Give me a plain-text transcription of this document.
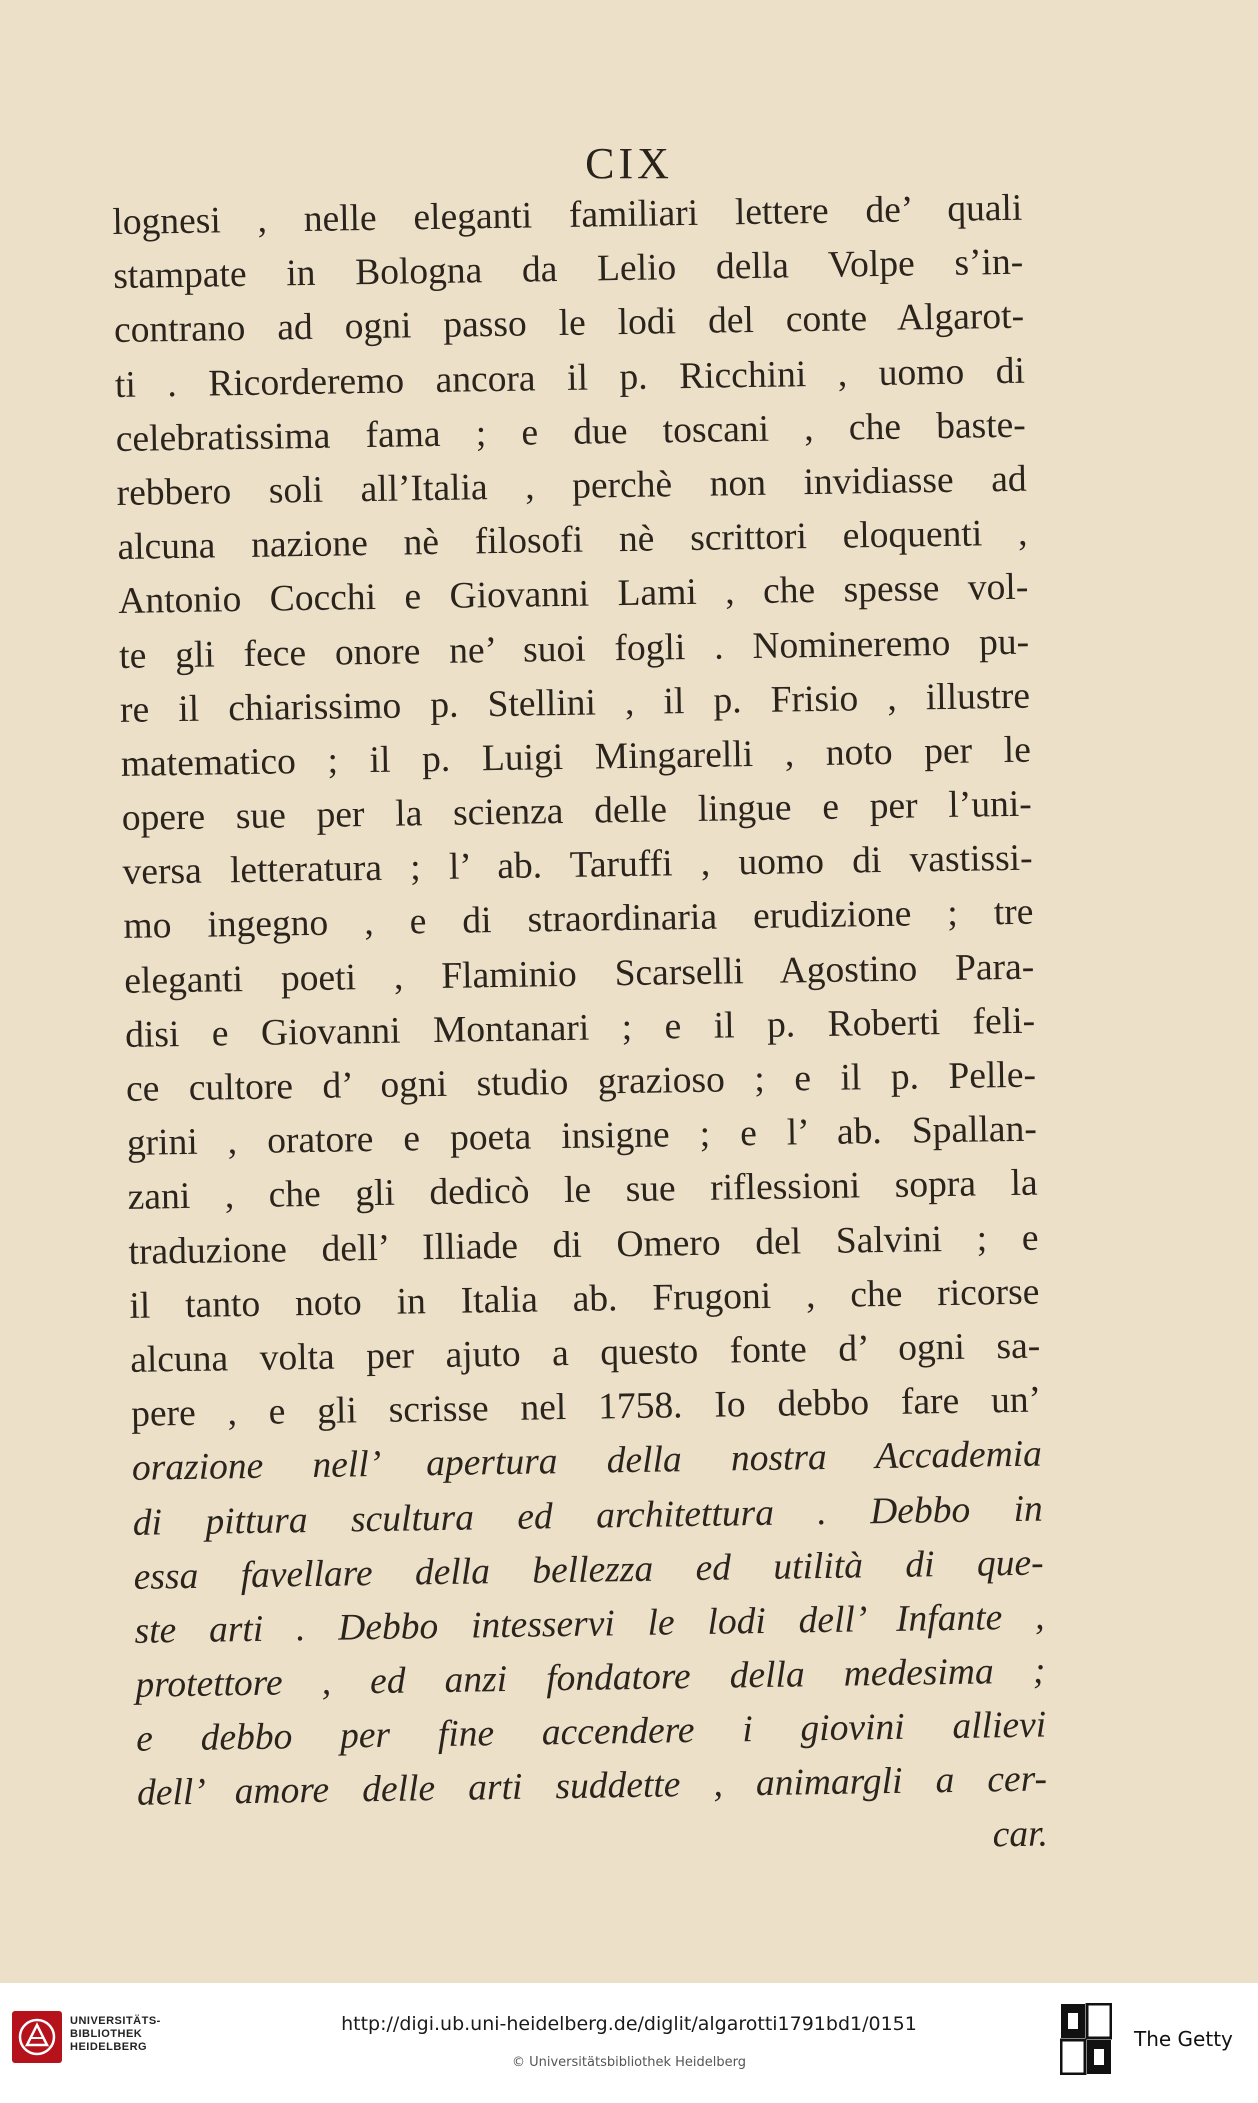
CIX
lognesi , nelle eleganti familiari lettere de’ quali
stampate in Bologna da Lelio della Volpe s’in-
contrano ad ogni passo le lodi del conte Algarot-
ti . Ricorderemo ancora il p. Ricchini , uomo di
celebratissima fama ; e due toscani , che baste-
rebbero soli all’Italia , perchè non invidiasse ad
alcuna nazione nè filosofi nè scrittori eloquenti ,
Antonio Cocchi e Giovanni Lami , che spesse vol-
te gli fece onore ne’ suoi fogli . Nomineremo pu-
re il chiarissimo p. Stellini , il p. Frisio , illustre
matematico ; il p. Luigi Mingarelli , noto per le
opere sue per la scienza delle lingue e per l’uni-
versa letteratura ; l’ ab. Taruffi , uomo di vastissi-
mo ingegno , e di straordinaria erudizione ; tre
eleganti poeti , Flaminio Scarselli Agostino Para-
disi e Giovanni Montanari ; e il p. Roberti feli-
ce cultore d’ ogni studio grazioso ; e il p. Pelle-
grini , oratore e poeta insigne ; e l’ ab. Spallan-
zani , che gli dedicò le sue riflessioni sopra la
traduzione dell’ Illiade di Omero del Salvini ; e
il tanto noto in Italia ab. Frugoni , che ricorse
alcuna volta per ajuto a questo fonte d’ ogni sa-
pere , e gli scrisse nel 1758. Io debbo fare un’
orazione nell’ apertura della nostra Accademia
di pittura scultura ed architettura . Debbo in
essa favellare della bellezza ed utilità di que-
ste arti . Debbo intesservi le lodi dell’ Infante ,
protettore , ed anzi fondatore della medesima ;
e debbo per fine accendere i giovini allievi
dell’ amore delle arti suddette , animargli a cer-
car.
UNIVERSITÄTS-
BIBLIOTHEK
HEIDELBERG
http://digi.ub.uni-heidelberg.de/diglit/algarotti1791bd1/0151
© Universitätsbibliothek Heidelberg
The Getty
